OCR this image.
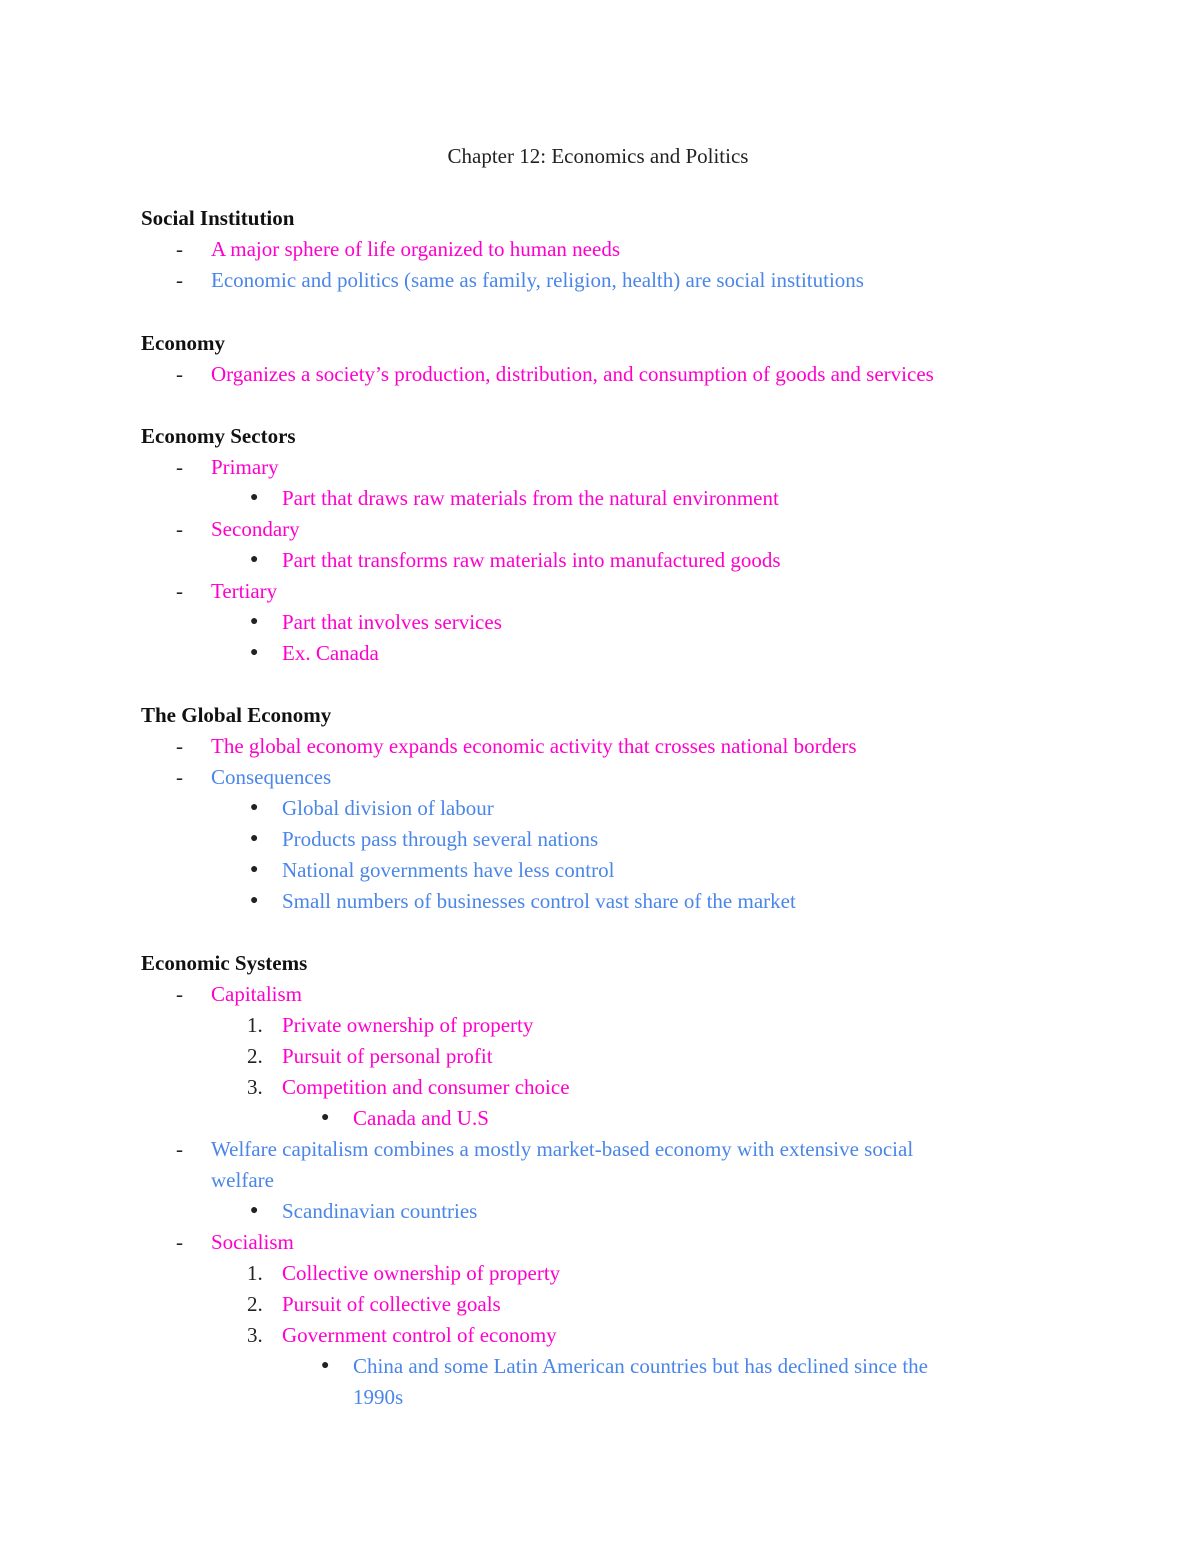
Chapter 12: Economics and Politics
Social Institution
- A major sphere of life organized to human needs
- Economic and politics (same as family, religion, health) are social institutions
Economy
- Organizes a society’s production, distribution, and consumption of goods and services
Economy Sectors
- Primary
● Part that draws raw materials from the natural environment
- Secondary
● Part that transforms raw materials into manufactured goods
- Tertiary
● Part that involves services
● Ex. Canada
The Global Economy
- The global economy expands economic activity that crosses national borders
- Consequences
● Global division of labour
● Products pass through several nations
● National governments have less control
● Small numbers of businesses control vast share of the market
Economic Systems
- Capitalism
1. Private ownership of property
2. Pursuit of personal profit
3. Competition and consumer choice
● Canada and U.S
- Welfare capitalism combines a mostly market-based economy with extensive social
welfare
● Scandinavian countries
- Socialism
1. Collective ownership of property
2. Pursuit of collective goals
3. Government control of economy
● China and some Latin American countries but has declined since the
1990s
